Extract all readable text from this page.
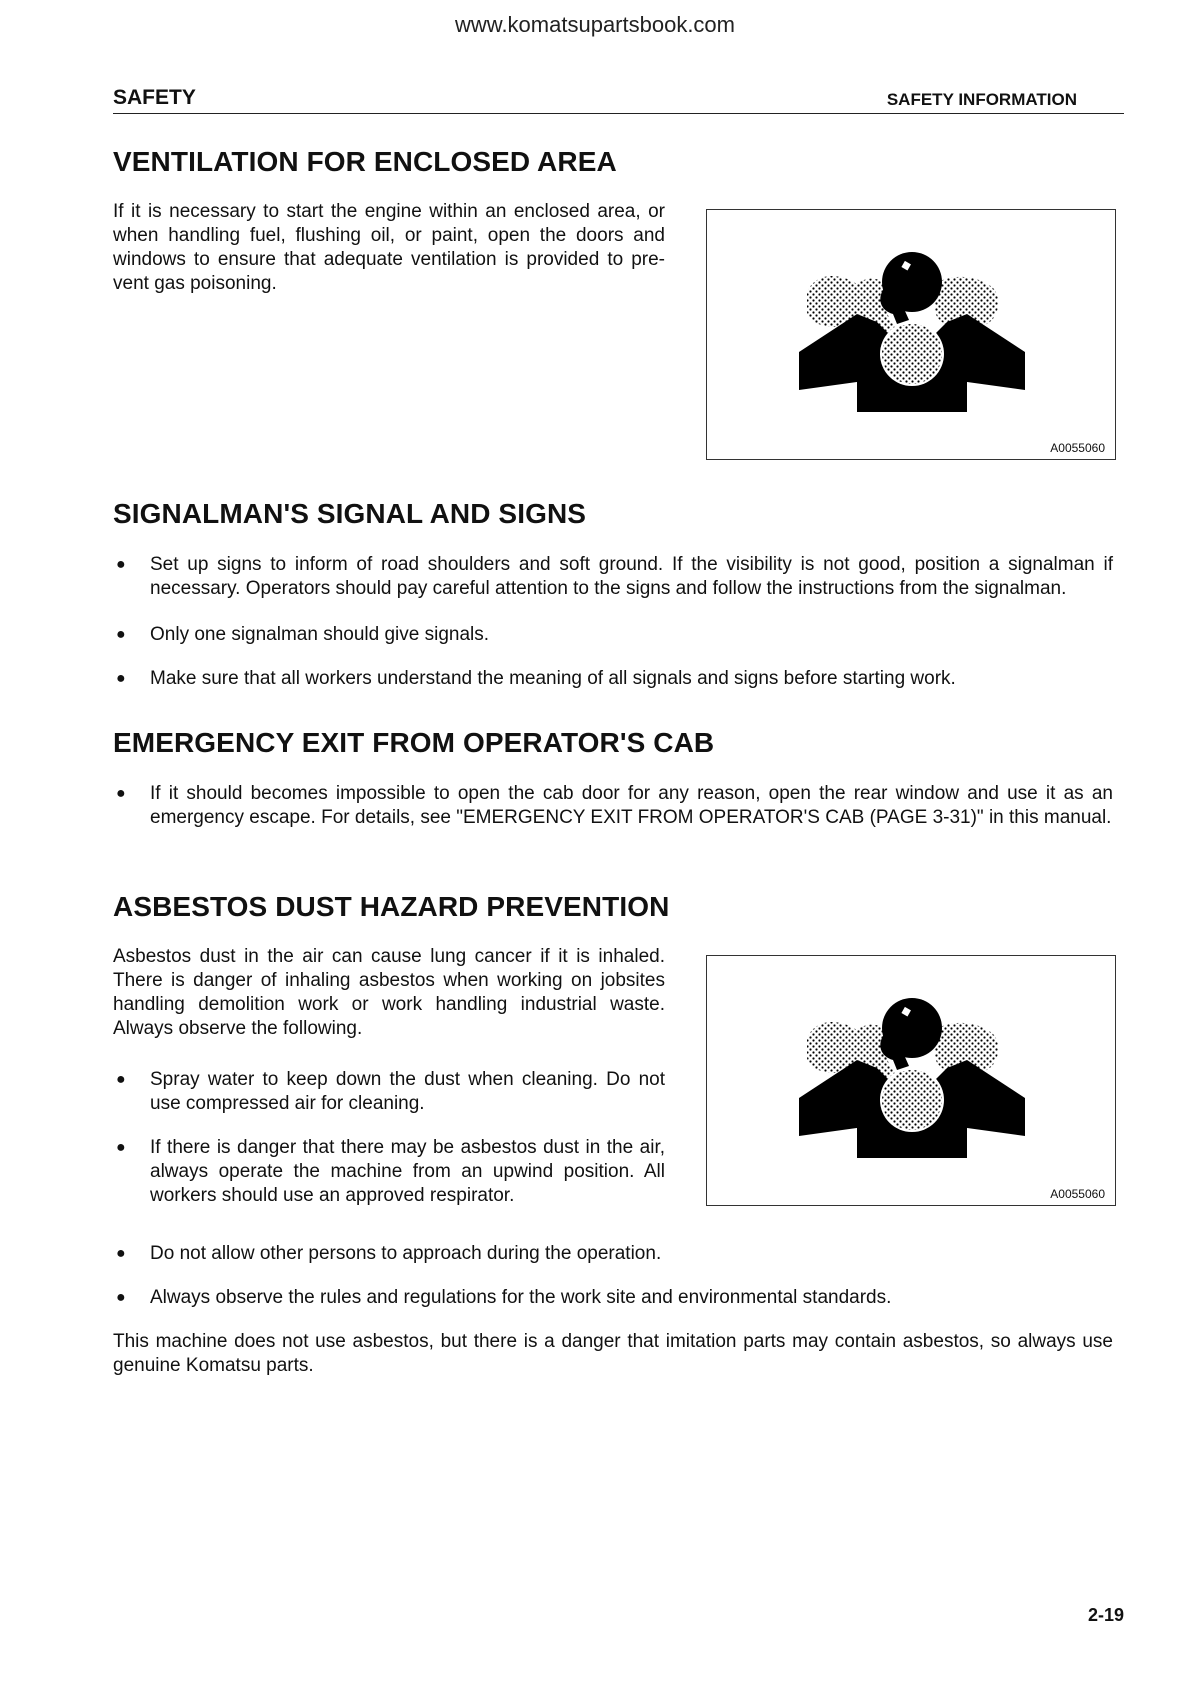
www.komatsupartsbook.com
SAFETY	SAFETY INFORMATION
VENTILATION FOR ENCLOSED AREA

If it is necessary to start the engine within an enclosed area, or when handling fuel, flushing oil, or paint, open the doors and windows to ensure that adequate ventilation is provided to pre-vent gas poisoning.

A0055060
SIGNALMAN'S SIGNAL AND SIGNS
● Set up signs to inform of road shoulders and soft ground. If the visibility is not good, position a signalman if necessary. Operators should pay careful attention to the signs and follow the instructions from the signalman.
● Only one signalman should give signals.
● Make sure that all workers understand the meaning of all signals and signs before starting work.
EMERGENCY EXIT FROM OPERATOR'S CAB
● If it should becomes impossible to open the cab door for any reason, open the rear window and use it as an emergency escape. For details, see "EMERGENCY EXIT FROM OPERATOR'S CAB (PAGE 3-31)" in this manual.
ASBESTOS DUST HAZARD PREVENTION

Asbestos dust in the air can cause lung cancer if it is inhaled. There is danger of inhaling asbestos when working on jobsites handling demolition work or work handling industrial waste. Always observe the following.

● Spray water to keep down the dust when cleaning. Do not use compressed air for cleaning.
● If there is danger that there may be asbestos dust in the air, always operate the machine from an upwind position. All workers should use an approved respirator.	A0055060
● Do not allow other persons to approach during the operation.
● Always observe the rules and regulations for the work site and environmental standards.

This machine does not use asbestos, but there is a danger that imitation parts may contain asbestos, so always use genuine Komatsu parts.

2-19
